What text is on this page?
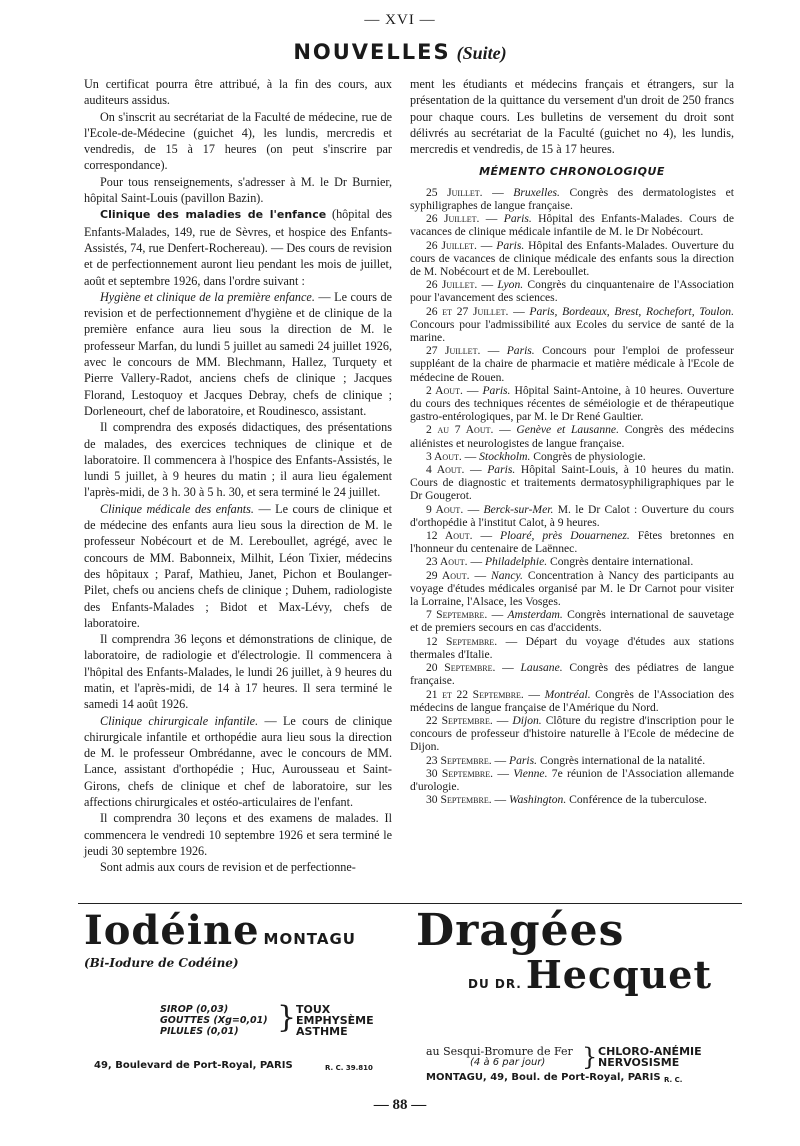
— XVI —
NOUVELLES (Suite)

Un certificat pourra être attribué, à la fin des cours, aux auditeurs assidus.

On s'inscrit au secrétariat de la Faculté de médecine, rue de l'Ecole-de-Médecine (guichet 4), les lundis, mercredis et vendredis, de 15 à 17 heures (on peut s'inscrire par correspondance).

Pour tous renseignements, s'adresser à M. le Dr Burnier, hôpital Saint-Louis (pavillon Bazin).

Clinique des maladies de l'enfance (hôpital des Enfants-Malades, 149, rue de Sèvres, et hospice des Enfants-Assistés, 74, rue Denfert-Rochereau). — Des cours de revision et de perfectionnement auront lieu pendant les mois de juillet, août et septembre 1926, dans l'ordre suivant :

Hygiène et clinique de la première enfance. — Le cours de revision et de perfectionnement d'hygiène et de clinique de la première enfance aura lieu sous la direction de M. le professeur Marfan, du lundi 5 juillet au samedi 24 juillet 1926, avec le concours de MM. Blechmann, Hallez, Turquety et Pierre Vallery-Radot, anciens chefs de clinique ; Jacques Florand, Lestoquoy et Jacques Debray, chefs de clinique ; Dorleneourt, chef de laboratoire, et Roudinesco, assistant.

Il comprendra des exposés didactiques, des présentations de malades, des exercices techniques de clinique et de laboratoire. Il commencera à l'hospice des Enfants-Assistés, le lundi 5 juillet, à 9 heures du matin ; il aura lieu également l'après-midi, de 3 h. 30 à 5 h. 30, et sera terminé le 24 juillet.

Clinique médicale des enfants. — Le cours de clinique et de médecine des enfants aura lieu sous la direction de M. le professeur Nobécourt et de M. Lereboullet, agrégé, avec le concours de MM. Babonneix, Milhit, Léon Tixier, médecins des hôpitaux ; Paraf, Mathieu, Janet, Pichon et Boulanger-Pilet, chefs ou anciens chefs de clinique ; Duhem, radiologiste des Enfants-Malades ; Bidot et Max-Lévy, chefs de laboratoire.

Il comprendra 36 leçons et démonstrations de clinique, de laboratoire, de radiologie et d'électrologie. Il commencera à l'hôpital des Enfants-Malades, le lundi 26 juillet, à 9 heures du matin, et l'après-midi, de 14 à 17 heures. Il sera terminé le samedi 14 août 1926.

Clinique chirurgicale infantile. — Le cours de clinique chirurgicale infantile et orthopédie aura lieu sous la direction de M. le professeur Ombrédanne, avec le concours de MM. Lance, assistant d'orthopédie ; Huc, Aurousseau et Saint-Girons, chefs de clinique et chef de laboratoire, sur les affections chirurgicales et ostéo-articulaires de l'enfant.

Il comprendra 30 leçons et des examens de malades. Il commencera le vendredi 10 septembre 1926 et sera terminé le jeudi 30 septembre 1926.

Sont admis aux cours de revision et de perfectionne-

ment les étudiants et médecins français et étrangers, sur la présentation de la quittance du versement d'un droit de 250 francs pour chaque cours. Les bulletins de versement du droit sont délivrés au secrétariat de la Faculté (guichet no 4), les lundis, mercredis et vendredis, de 15 à 17 heures.

MÉMENTO CHRONOLOGIQUE

25 Juillet. — Bruxelles. Congrès des dermatologistes et syphiligraphes de langue française.

26 Juillet. — Paris. Hôpital des Enfants-Malades. Cours de vacances de clinique médicale infantile de M. le Dr Nobécourt.

26 Juillet. — Paris. Hôpital des Enfants-Malades. Ouverture du cours de vacances de clinique médicale des enfants sous la direction de M. Nobécourt et de M. Lereboullet.

26 Juillet. — Lyon. Congrès du cinquantenaire de l'Association pour l'avancement des sciences.

26 et 27 Juillet. — Paris, Bordeaux, Brest, Rochefort, Toulon. Concours pour l'admissibilité aux Ecoles du service de santé de la marine.

27 Juillet. — Paris. Concours pour l'emploi de professeur suppléant de la chaire de pharmacie et matière médicale à l'Ecole de médecine de Rouen.

2 Aout. — Paris. Hôpital Saint-Antoine, à 10 heures. Ouverture du cours des techniques récentes de séméiologie et de thérapeutique gastro-entérologiques, par M. le Dr René Gaultier.

2 au 7 Aout. — Genève et Lausanne. Congrès des médecins aliénistes et neurologistes de langue française.

3 Aout. — Stockholm. Congrès de physiologie.

4 Aout. — Paris. Hôpital Saint-Louis, à 10 heures du matin. Cours de diagnostic et traitements dermatosyphiligraphiques par le Dr Gougerot.

9 Aout. — Berck-sur-Mer. M. le Dr Calot : Ouverture du cours d'orthopédie à l'institut Calot, à 9 heures.

12 Aout. — Ploaré, près Douarnenez. Fêtes bretonnes en l'honneur du centenaire de Laënnec.

23 Aout. — Philadelphie. Congrès dentaire international.

29 Aout. — Nancy. Concentration à Nancy des participants au voyage d'études médicales organisé par M. le Dr Carnot pour visiter la Lorraine, l'Alsace, les Vosges.

7 Septembre. — Amsterdam. Congrès international de sauvetage et de premiers secours en cas d'accidents.

12 Septembre. — Départ du voyage d'études aux stations thermales d'Italie.

20 Septembre. — Lausane. Congrès des pédiatres de langue française.

21 et 22 Septembre. — Montréal. Congrès de l'Association des médecins de langue française de l'Amérique du Nord.

22 Septembre. — Dijon. Clôture du registre d'inscription pour le concours de professeur d'histoire naturelle à l'Ecole de médecine de Dijon.

23 Septembre. — Paris. Congrès international de la natalité.

30 Septembre. — Vienne. 7e réunion de l'Association allemande d'urologie.

30 Septembre. — Washington. Conférence de la tuberculose.

Iodéine MONTAGU
(Bi-Iodure de Codéine)
SIROP (0,03)
GOUTTES (Xg=0,01)
PILULES (0,01)	} TOUX
EMPHYSÈME
ASTHME
49, Boulevard de Port-Royal, PARIS	R. C. 39.810
Dragées
DU DR. Hecquet
au Sesqui-Bromure de Fer
(4 à 6 par jour) } CHLORO-ANÉMIE
NERVOSISME
MONTAGU, 49, Boul. de Port-Royal, PARIS R. C.
— 88 —
